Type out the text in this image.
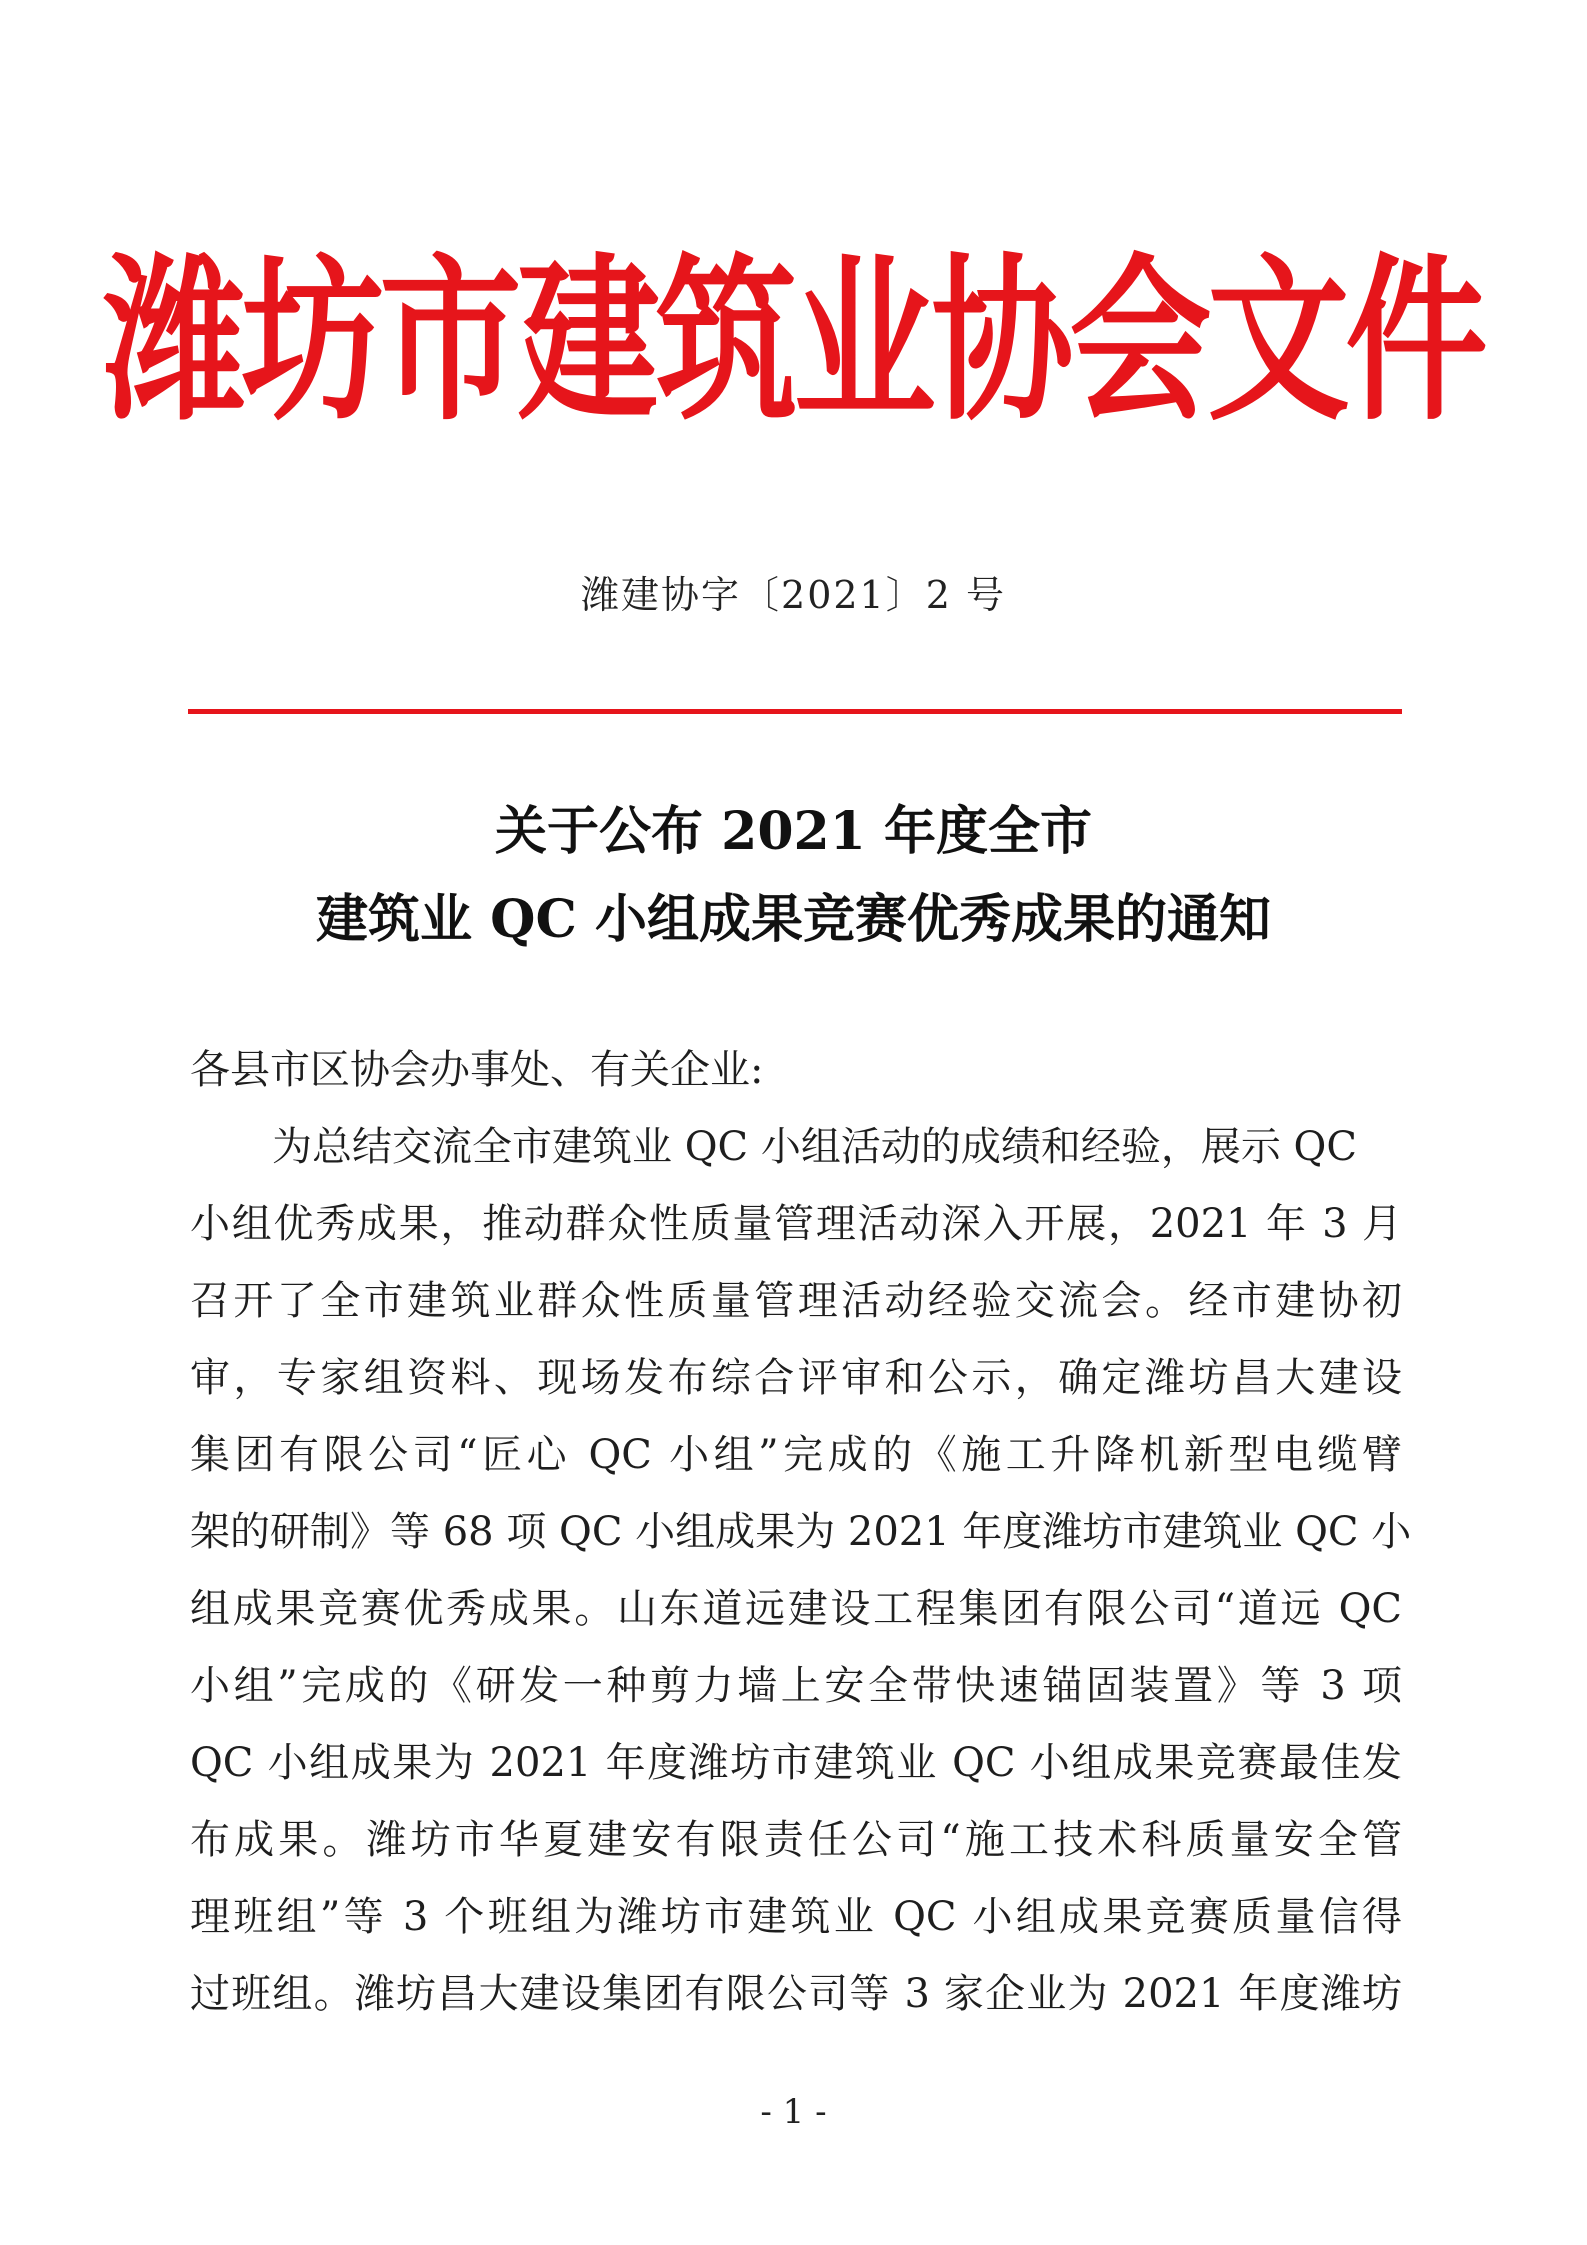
潍坊市建筑业协会文件
潍建协字〔2021〕2 号
关于公布 2021 年度全市
建筑业 QC 小组成果竞赛优秀成果的通知
各县市区协会办事处、有关企业:
为总结交流全市建筑业 QC 小组活动的成绩和经验，展示 QC
小组优秀成果，推动群众性质量管理活动深入开展，2021 年 3 月
召开了全市建筑业群众性质量管理活动经验交流会。经市建协初
审，专家组资料、现场发布综合评审和公示，确定潍坊昌大建设
集团有限公司“匠心 QC 小组”完成的《施工升降机新型电缆臂
架的研制》等 68 项 QC 小组成果为 2021 年度潍坊市建筑业 QC 小
组成果竞赛优秀成果。山东道远建设工程集团有限公司“道远 QC
小组”完成的《研发一种剪力墙上安全带快速锚固装置》等 3 项
QC 小组成果为 2021 年度潍坊市建筑业 QC 小组成果竞赛最佳发
布成果。潍坊市华夏建安有限责任公司“施工技术科质量安全管
理班组”等 3 个班组为潍坊市建筑业 QC 小组成果竞赛质量信得
过班组。潍坊昌大建设集团有限公司等 3 家企业为 2021 年度潍坊
- 1 -
